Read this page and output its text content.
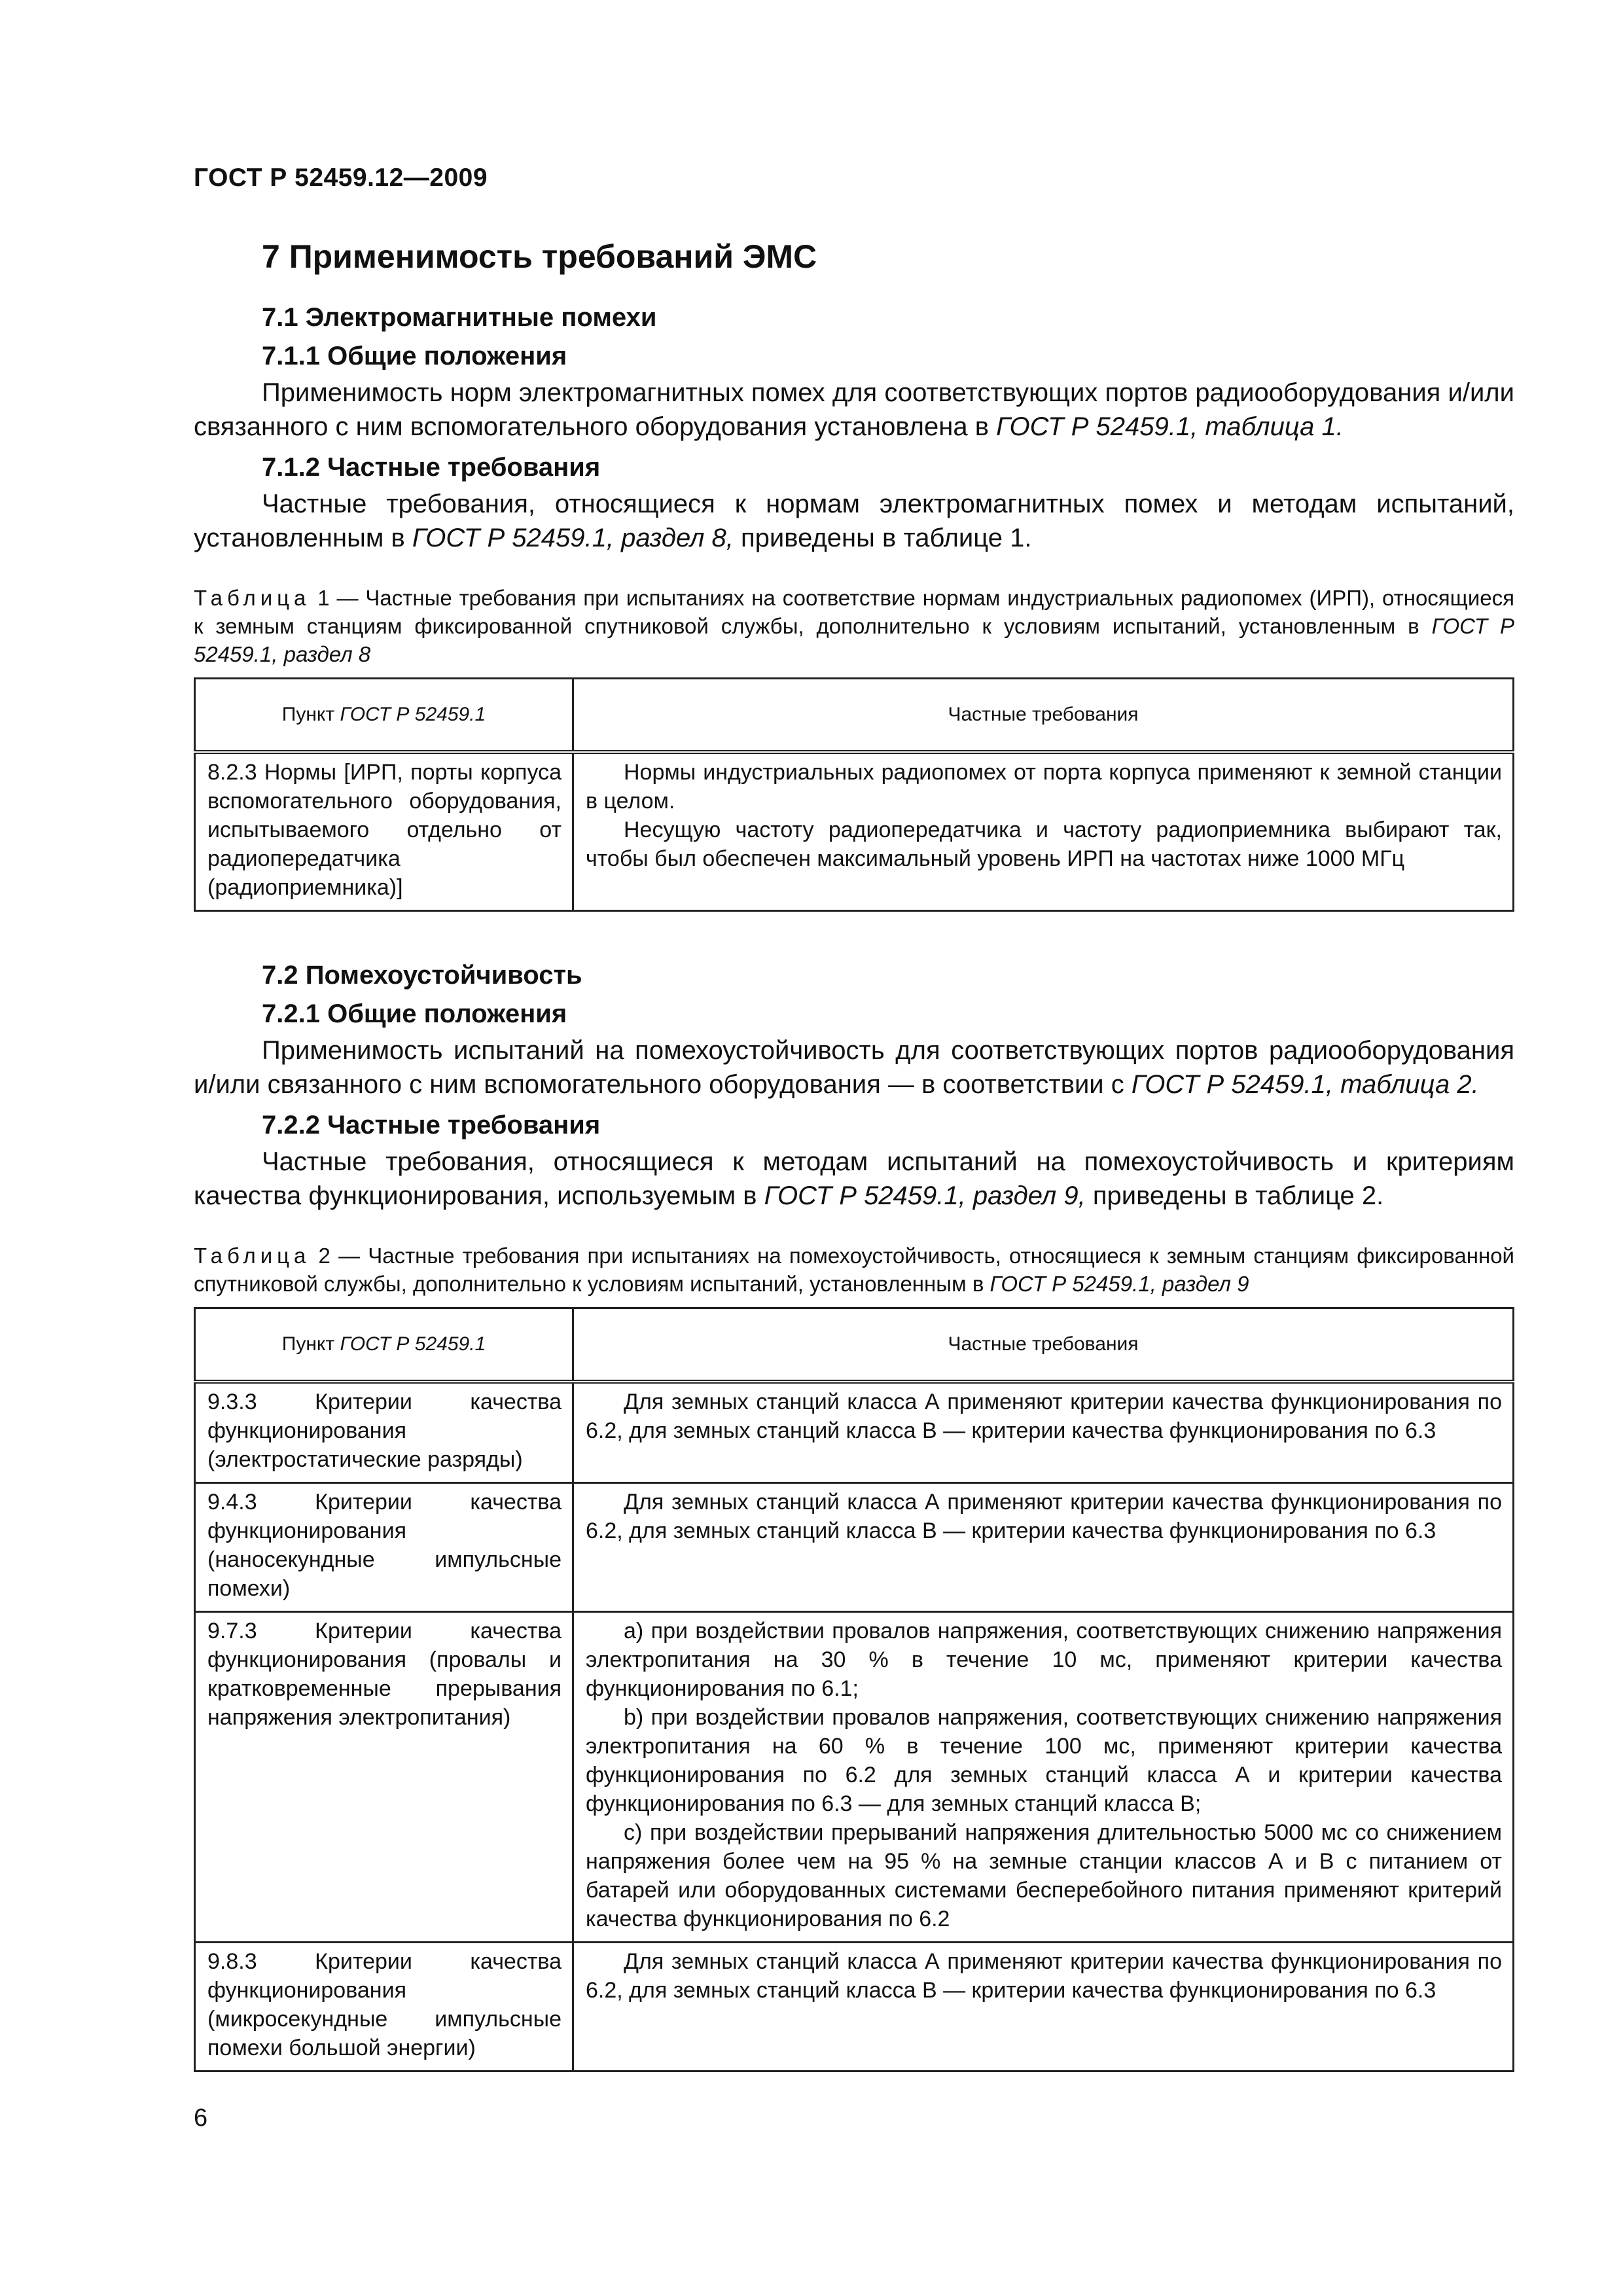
ГОСТ Р 52459.12—2009
7 Применимость требований ЭМС
7.1 Электромагнитные помехи
7.1.1 Общие положения

Применимость норм электромагнитных помех для соответствующих портов радиооборудования и/или связанного с ним вспомогательного оборудования установлена в ГОСТ Р 52459.1, таблица 1.

7.1.2 Частные требования

Частные требования, относящиеся к нормам электромагнитных помех и методам испытаний, установленным в ГОСТ Р 52459.1, раздел 8, приведены в таблице 1.

Таблица 1 — Частные требования при испытаниях на соответствие нормам индустриальных радиопомех (ИРП), относящиеся к земным станциям фиксированной спутниковой службы, дополнительно к условиям испытаний, установленным в ГОСТ Р 52459.1, раздел 8
Пункт ГОСТ Р 52459.1	Частные требования

8.2.3 Нормы [ИРП, порты корпуса вспомогательного оборудования, испытываемого отдельно от радиопередатчика (радиоприемника)]	Нормы индустриальных радиопомех от порта корпуса применяют к земной станции в целом.

Несущую частоту радиопередатчика и частоту радиоприемника выбирают так, чтобы был обеспечен максимальный уровень ИРП на частотах ниже 1000 МГц

7.2 Помехоустойчивость
7.2.1 Общие положения

Применимость испытаний на помехоустойчивость для соответствующих портов радиооборудования и/или связанного с ним вспомогательного оборудования — в соответствии с ГОСТ Р 52459.1, таблица 2.

7.2.2 Частные требования

Частные требования, относящиеся к методам испытаний на помехоустойчивость и критериям качества функционирования, используемым в ГОСТ Р 52459.1, раздел 9, приведены в таблице 2.

Таблица 2 — Частные требования при испытаниях на помехоустойчивость, относящиеся к земным станциям фиксированной спутниковой службы, дополнительно к условиям испытаний, установленным в ГОСТ Р 52459.1, раздел 9
Пункт ГОСТ Р 52459.1	Частные требования

9.3.3 Критерии качества функционирования (электростатические разряды)	Для земных станций класса А применяют критерии качества функционирования по 6.2, для земных станций класса В — критерии качества функционирования по 6.3

9.4.3 Критерии качества функционирования (наносекундные импульсные помехи)	Для земных станций класса А применяют критерии качества функционирования по 6.2, для земных станций класса В — критерии качества функционирования по 6.3

9.7.3 Критерии качества функционирования (провалы и кратковременные прерывания напряжения электропитания)	а) при воздействии провалов напряжения, соответствующих снижению напряжения электропитания на 30 % в течение 10 мс, применяют критерии качества функционирования по 6.1;

b) при воздействии провалов напряжения, соответствующих снижению напряжения электропитания на 60 % в течение 100 мс, применяют критерии качества функционирования по 6.2 для земных станций класса А и критерии качества функционирования по 6.3 — для земных станций класса В;

с) при воздействии прерываний напряжения длительностью 5000 мс со снижением напряжения более чем на 95 % на земные станции классов А и В с питанием от батарей или оборудованных системами бесперебойного питания применяют критерий качества функционирования по 6.2

9.8.3 Критерии качества функционирования (микросекундные импульсные помехи большой энергии)	Для земных станций класса А применяют критерии качества функционирования по 6.2, для земных станций класса В — критерии качества функционирования по 6.3

6
